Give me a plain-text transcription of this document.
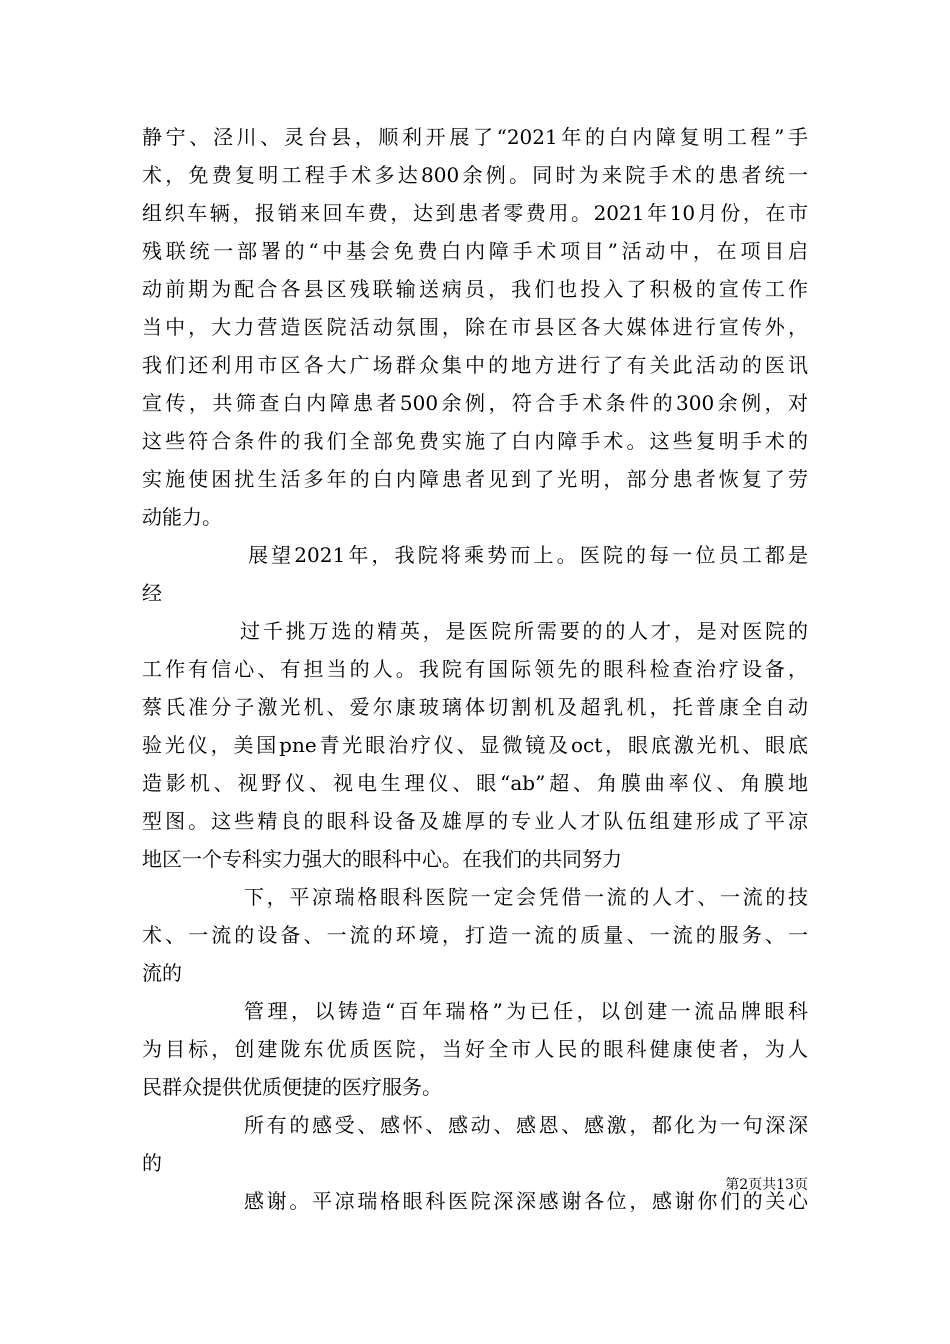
静宁、泾川、灵台县，顺利开展了“2021年的白内障复明工程”手
术，免费复明工程手术多达800余例。同时为来院手术的患者统一
组织车辆，报销来回车费，达到患者零费用。2021年10月份，在市
残联统一部署的“中基会免费白内障手术项目”活动中，在项目启
动前期为配合各县区残联输送病员，我们也投入了积极的宣传工作
当中，大力营造医院活动氛围，除在市县区各大媒体进行宣传外，
我们还利用市区各大广场群众集中的地方进行了有关此活动的医讯
宣传，共筛查白内障患者500余例，符合手术条件的300余例，对
这些符合条件的我们全部免费实施了白内障手术。这些复明手术的
实施使困扰生活多年的白内障患者见到了光明，部分患者恢复了劳
动能力。
展望2021年，我院将乘势而上。医院的每一位员工都是
经
过千挑万选的精英，是医院所需要的的人才，是对医院的
工作有信心、有担当的人。我院有国际领先的眼科检查治疗设备，
蔡氏准分子激光机、爱尔康玻璃体切割机及超乳机，托普康全自动
验光仪，美国pne青光眼治疗仪、显微镜及oct，眼底激光机、眼底
造影机、视野仪、视电生理仪、眼“ab”超、角膜曲率仪、角膜地
型图。这些精良的眼科设备及雄厚的专业人才队伍组建形成了平凉
地区一个专科实力强大的眼科中心。在我们的共同努力
下，平凉瑞格眼科医院一定会凭借一流的人才、一流的技
术、一流的设备、一流的环境，打造一流的质量、一流的服务、一
流的
管理，以铸造“百年瑞格”为已任，以创建一流品牌眼科
为目标，创建陇东优质医院，当好全市人民的眼科健康使者，为人
民群众提供优质便捷的医疗服务。
所有的感受、感怀、感动、感恩、感激，都化为一句深深
的
感谢。平凉瑞格眼科医院深深感谢各位，感谢你们的关心
第2页共13页
